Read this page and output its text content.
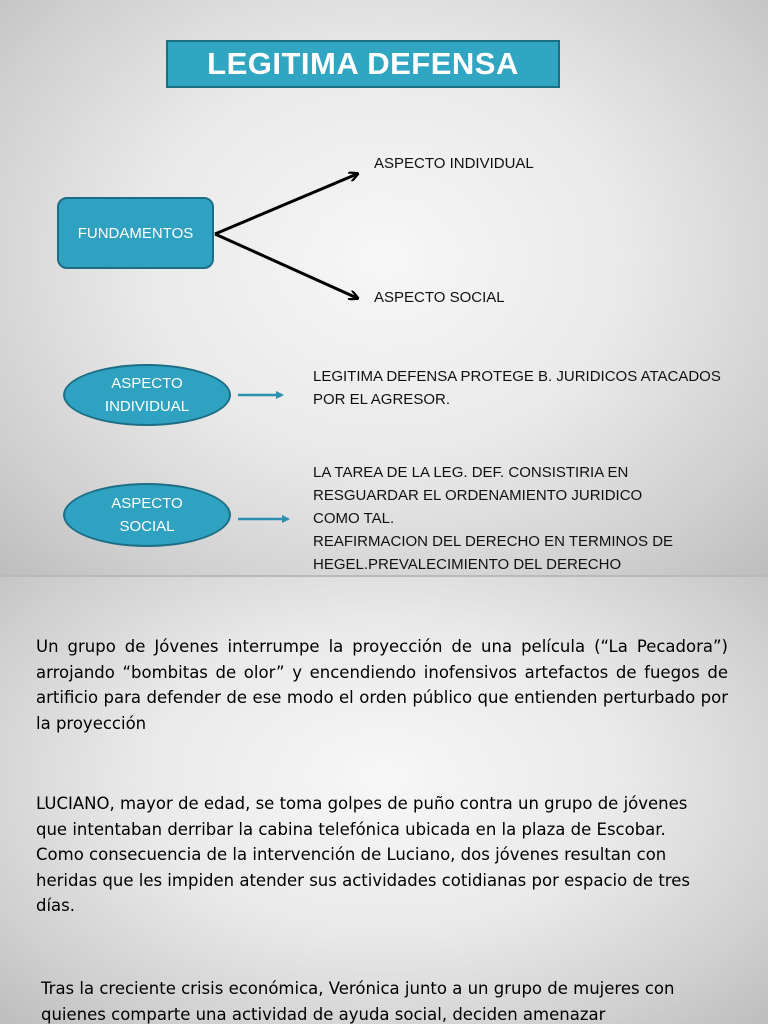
LEGITIMA DEFENSA
FUNDAMENTOS
ASPECTO INDIVIDUAL
ASPECTO SOCIAL
ASPECTO
INDIVIDUAL
LEGITIMA DEFENSA PROTEGE B. JURIDICOS ATACADOS
POR EL AGRESOR.
ASPECTO
SOCIAL
LA TAREA DE LA LEG. DEF. CONSISTIRIA EN
RESGUARDAR EL ORDENAMIENTO JURIDICO
COMO TAL.
REAFIRMACION DEL DERECHO EN TERMINOS DE
HEGEL.PREVALECIMIENTO DEL DERECHO
Un grupo de Jóvenes interrumpe la proyección de una película (“La Pecadora”) arrojando “bombitas de olor” y encendiendo inofensivos artefactos de fuegos de artificio para defender de ese modo el orden público que entienden perturbado por la proyección
LUCIANO, mayor de edad, se toma golpes de puño contra un grupo de jóvenes
que intentaban derribar la cabina telefónica ubicada en la plaza de Escobar.
Como consecuencia de la intervención de Luciano, dos jóvenes resultan con
heridas que les impiden atender sus actividades cotidianas por espacio de tres
días.
Tras la creciente crisis económica, Verónica junto a un grupo de mujeres con
quienes comparte una actividad de ayuda social, deciden amenazar
